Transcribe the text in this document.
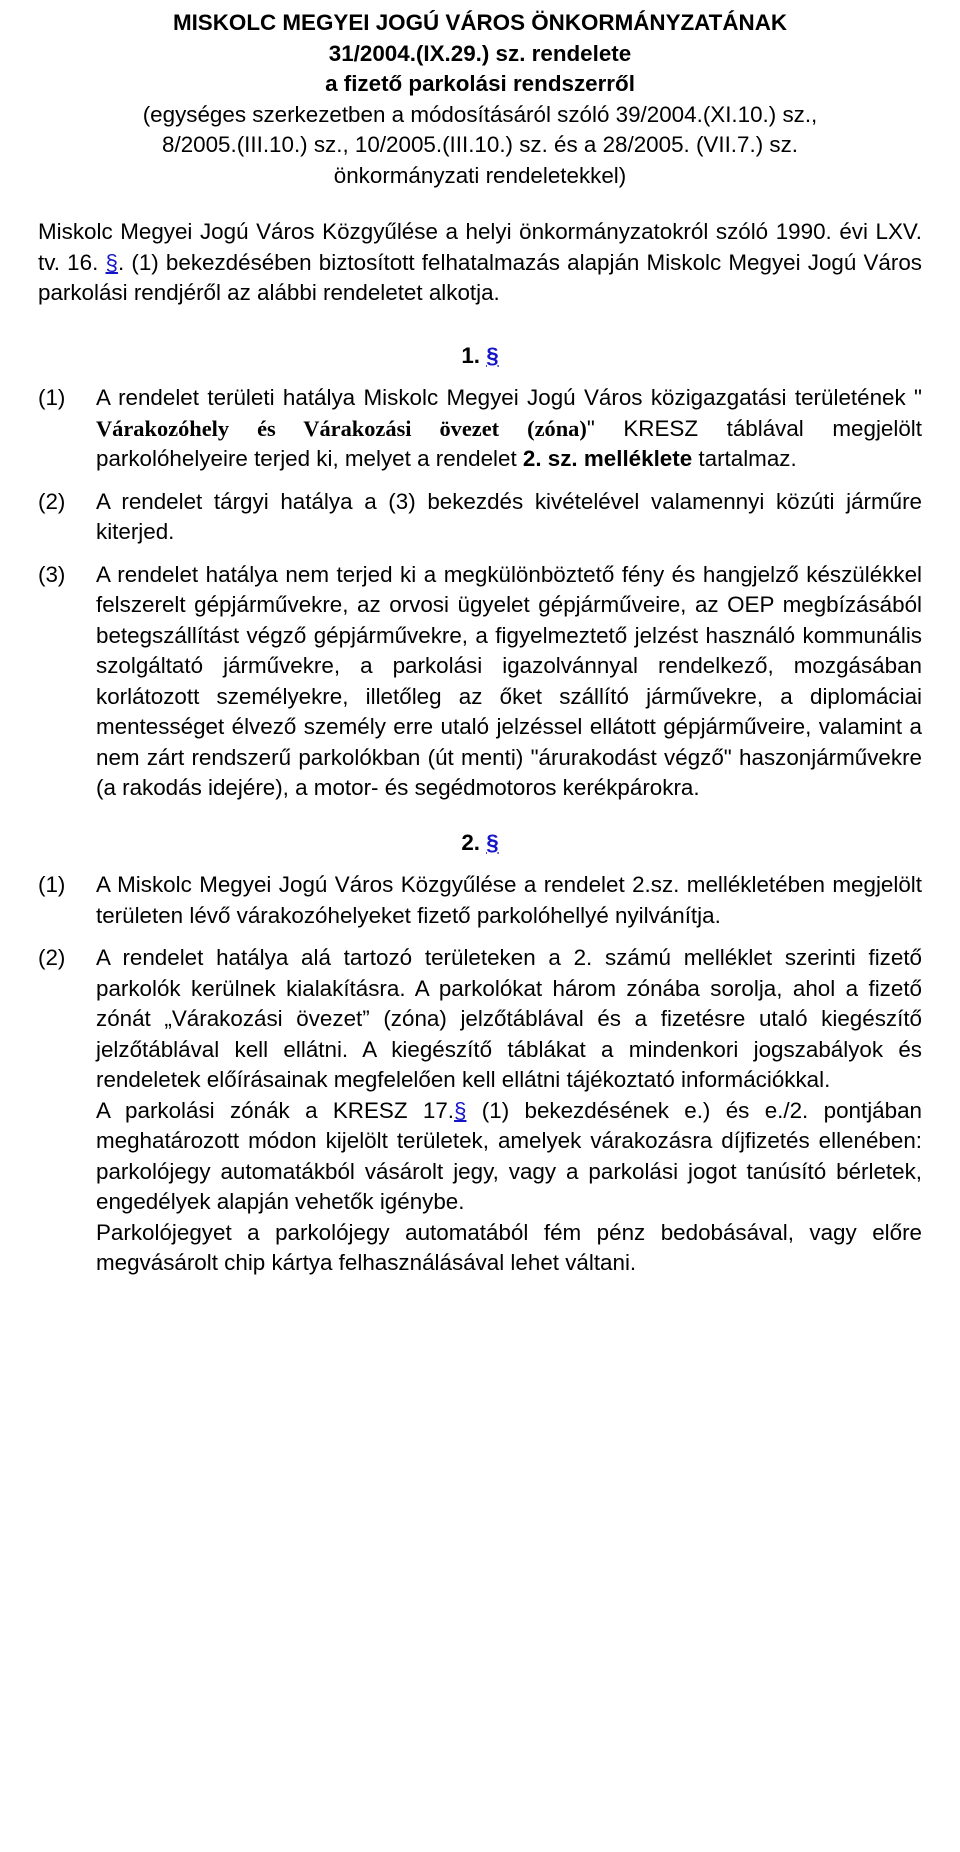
MISKOLC MEGYEI JOGÚ VÁROS ÖNKORMÁNYZATÁNAK
31/2004.(IX.29.) sz. rendelete
a fizető parkolási rendszerről
(egységes szerkezetben a módosításáról szóló 39/2004.(XI.10.) sz.,
8/2005.(III.10.) sz., 10/2005.(III.10.) sz. és a 28/2005. (VII.7.) sz.
önkormányzati rendeletekkel)
Miskolc Megyei Jogú Város Közgyűlése a helyi önkormányzatokról szóló 1990. évi LXV. tv. 16. §. (1) bekezdésében biztosított felhatalmazás alapján Miskolc Megyei Jogú Város parkolási rendjéről az alábbi rendeletet alkotja.
1. §
(1)	A rendelet területi hatálya Miskolc Megyei Jogú Város közigazgatási területének " Várakozóhely és Várakozási övezet (zóna)" KRESZ táblával megjelölt parkolóhelyeire terjed ki, melyet a rendelet 2. sz. melléklete tartalmaz.
(2)	A rendelet tárgyi hatálya a (3) bekezdés kivételével valamennyi közúti járműre kiterjed.
(3)	A rendelet hatálya nem terjed ki a megkülönböztető fény és hangjelző készülékkel felszerelt gépjárművekre, az orvosi ügyelet gépjárműveire, az OEP megbízásából betegszállítást végző gépjárművekre, a figyelmeztető jelzést használó kommunális szolgáltató járművekre, a parkolási igazolvánnyal rendelkező, mozgásában korlátozott személyekre, illetőleg az őket szállító járművekre, a diplomáciai mentességet élvező személy erre utaló jelzéssel ellátott gépjárműveire, valamint a nem zárt rendszerű parkolókban (út menti) "árurakodást végző" haszonjárművekre (a rakodás idejére), a motor- és segédmotoros kerékpárokra.
2. §
(1)	A Miskolc Megyei Jogú Város Közgyűlése a rendelet 2.sz. mellékletében megjelölt területen lévő várakozóhelyeket fizető parkolóhellyé nyilvánítja.
(2)	A rendelet hatálya alá tartozó területeken a 2. számú melléklet szerinti fizető parkolók kerülnek kialakításra. A parkolókat három zónába sorolja, ahol a fizető zónát „Várakozási övezet” (zóna) jelzőtáblával és a fizetésre utaló kiegészítő jelzőtáblával kell ellátni. A kiegészítő táblákat a mindenkori jogszabályok és rendeletek előírásainak megfelelően kell ellátni tájékoztató információkkal.
A parkolási zónák a KRESZ 17.§ (1) bekezdésének e.) és e./2. pontjában meghatározott módon kijelölt területek, amelyek várakozásra díjfizetés ellenében: parkolójegy automatákból vásárolt jegy, vagy a parkolási jogot tanúsító bérletek, engedélyek alapján vehetők igénybe.
Parkolójegyet a parkolójegy automatából fém pénz bedobásával, vagy előre megvásárolt chip kártya felhasználásával lehet váltani.
